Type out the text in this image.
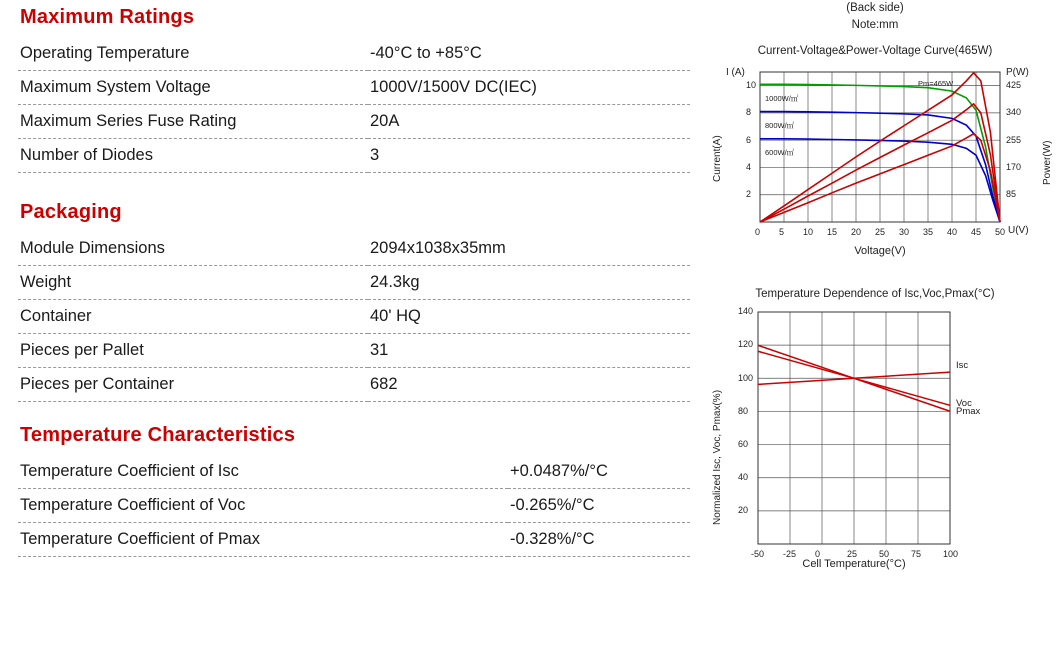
Maximum Ratings
Operating Temperature	-40°C to +85°C
Maximum System Voltage	1000V/1500V DC(IEC)
Maximum Series Fuse Rating	20A
Number of Diodes	3
Packaging
Module Dimensions	2094x1038x35mm
Weight	24.3kg
Container	40' HQ
Pieces per Pallet	31
Pieces per Container	682
Temperature Characteristics
Temperature Coefficient of Isc	+0.0487%/°C
Temperature Coefficient of Voc	-0.265%/°C
Temperature Coefficient of Pmax	-0.328%/°C
(Back side)
Note:mm
Current-Voltage&Power-Voltage Curve(465W)
I (A)	P(W)
U(V)
Current(A)	Power(W)
Voltage(V)
Pm=465W
1000W/㎡
800W/㎡
600W/㎡
0 5 10 15 20 25 30 35 40 45 50
2
4
6
8
10
85
170
255
340
425
Temperature Dependence of Isc,Voc,Pmax(°C)
Normalized Isc, Voc, Pmax(%)
Isc
Voc
Pmax
-50 -25 0	25 50 75 100
20
40
60
80
100
120
140
Cell Temperature(°C)
